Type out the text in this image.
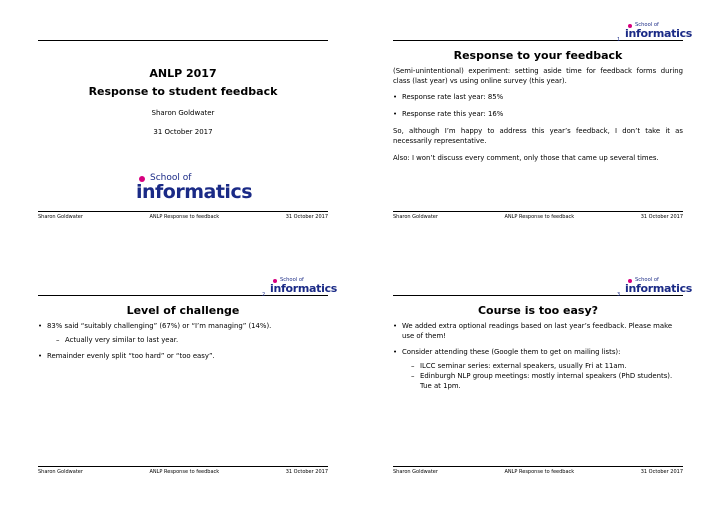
ANLP 2017
Response to student feedback
Sharon Goldwater
31 October 2017
School of
informatics
Sharon Goldwater	ANLP Response to feedback	31 October 2017
1
School of
informatics
Response to your feedback

(Semi-unintentional) experiment: setting aside time for feedback forms during class (last year) vs using online survey (this year).

• Response rate last year: 85%
• Response rate this year: 16%

So, although I’m happy to address this year’s feedback, I don’t take it as necessarily representative.

Also: I won’t discuss every comment, only those that came up several times.

Sharon Goldwater	ANLP Response to feedback	31 October 2017
2
School of
informatics
Level of challenge
• 83% said “suitably challenging” (67%) or “I’m managing” (14%).
– Actually very similar to last year.
• Remainder evenly split “too hard” or “too easy”.
Sharon Goldwater	ANLP Response to feedback	31 October 2017
3
School of
informatics
Course is too easy?
• We added extra optional readings based on last year’s feedback. Please make use of them!
• Consider attending these (Google them to get on mailing lists):
– ILCC seminar series: external speakers, usually Fri at 11am.
– Edinburgh NLP group meetings: mostly internal speakers (PhD students). Tue at 1pm.
Sharon Goldwater	ANLP Response to feedback	31 October 2017
